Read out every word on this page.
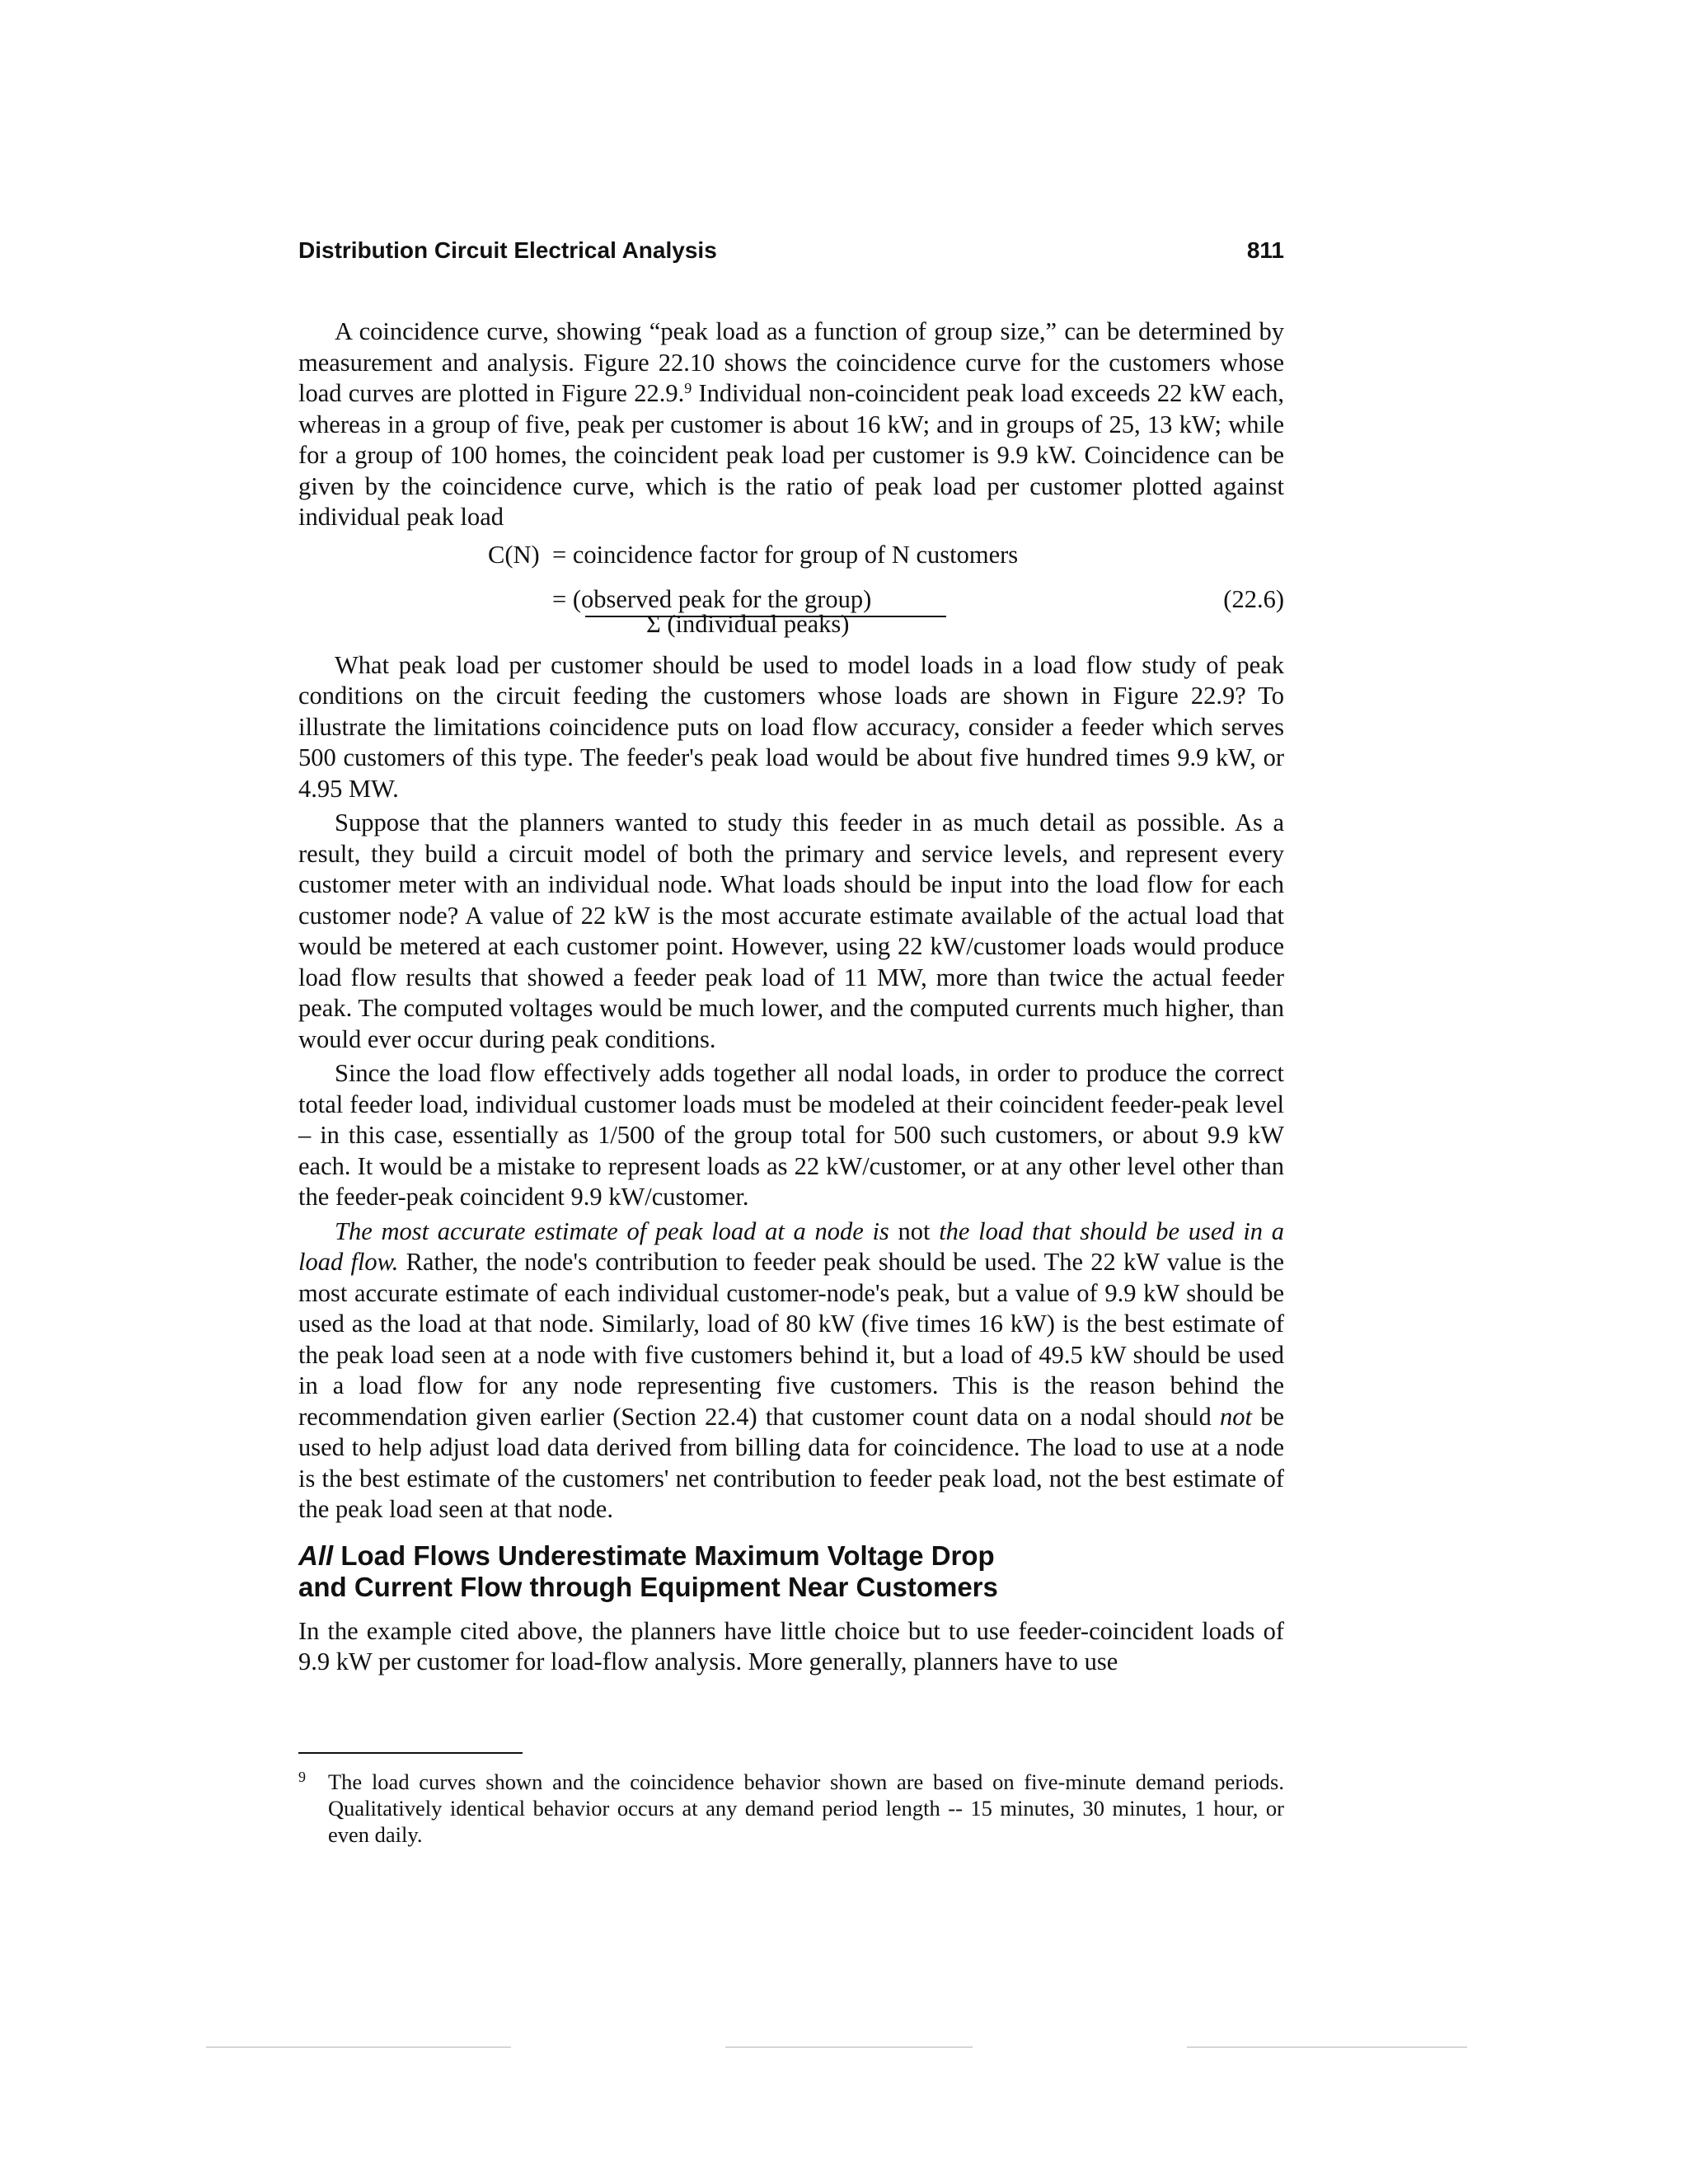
Distribution Circuit Electrical Analysis	811

A coincidence curve, showing “peak load as a function of group size,” can be determined by measurement and analysis. Figure 22.10 shows the coincidence curve for the customers whose load curves are plotted in Figure 22.9.$^9$ Individual non-coincident peak load exceeds 22 kW each, whereas in a group of five, peak per customer is about 16 kW; and in groups of 25, 13 kW; while for a group of 100 homes, the coincident peak load per customer is 9.9 kW. Coincidence can be given by the coincidence curve, which is the ratio of peak load per customer plotted against individual peak load

C(N) = coincidence factor for group of N customers
= (observed peak for the group)
Σ (individual peaks)
(22.6)

What peak load per customer should be used to model loads in a load flow study of peak conditions on the circuit feeding the customers whose loads are shown in Figure 22.9? To illustrate the limitations coincidence puts on load flow accuracy, consider a feeder which serves 500 customers of this type. The feeder's peak load would be about five hundred times 9.9 kW, or 4.95 MW.

Suppose that the planners wanted to study this feeder in as much detail as possible. As a result, they build a circuit model of both the primary and service levels, and represent every customer meter with an individual node. What loads should be input into the load flow for each customer node? A value of 22 kW is the most accurate estimate available of the actual load that would be metered at each customer point. However, using 22 kW/customer loads would produce load flow results that showed a feeder peak load of 11 MW, more than twice the actual feeder peak. The computed voltages would be much lower, and the computed currents much higher, than would ever occur during peak conditions.

Since the load flow effectively adds together all nodal loads, in order to produce the correct total feeder load, individual customer loads must be modeled at their coincident feeder-peak level – in this case, essentially as 1/500 of the group total for 500 such customers, or about 9.9 kW each. It would be a mistake to represent loads as 22 kW/customer, or at any other level other than the feeder-peak coincident 9.9 kW/customer.

The most accurate estimate of peak load at a node is not the load that should be used in a load flow. Rather, the node's contribution to feeder peak should be used. The 22 kW value is the most accurate estimate of each individual customer-node's peak, but a value of 9.9 kW should be used as the load at that node. Similarly, load of 80 kW (five times 16 kW) is the best estimate of the peak load seen at a node with five customers behind it, but a load of 49.5 kW should be used in a load flow for any node representing five customers. This is the reason behind the recommendation given earlier (Section 22.4) that customer count data on a nodal should not be used to help adjust load data derived from billing data for coincidence. The load to use at a node is the best estimate of the customers' net contribution to feeder peak load, not the best estimate of the peak load seen at that node.

All Load Flows Underestimate Maximum Voltage Drop
and Current Flow through Equipment Near Customers

In the example cited above, the planners have little choice but to use feeder-coincident loads of 9.9 kW per customer for load-flow analysis. More generally, planners have to use

9	The load curves shown and the coincidence behavior shown are based on five-minute demand periods. Qualitatively identical behavior occurs at any demand period length -- 15 minutes, 30 minutes, 1 hour, or even daily.
